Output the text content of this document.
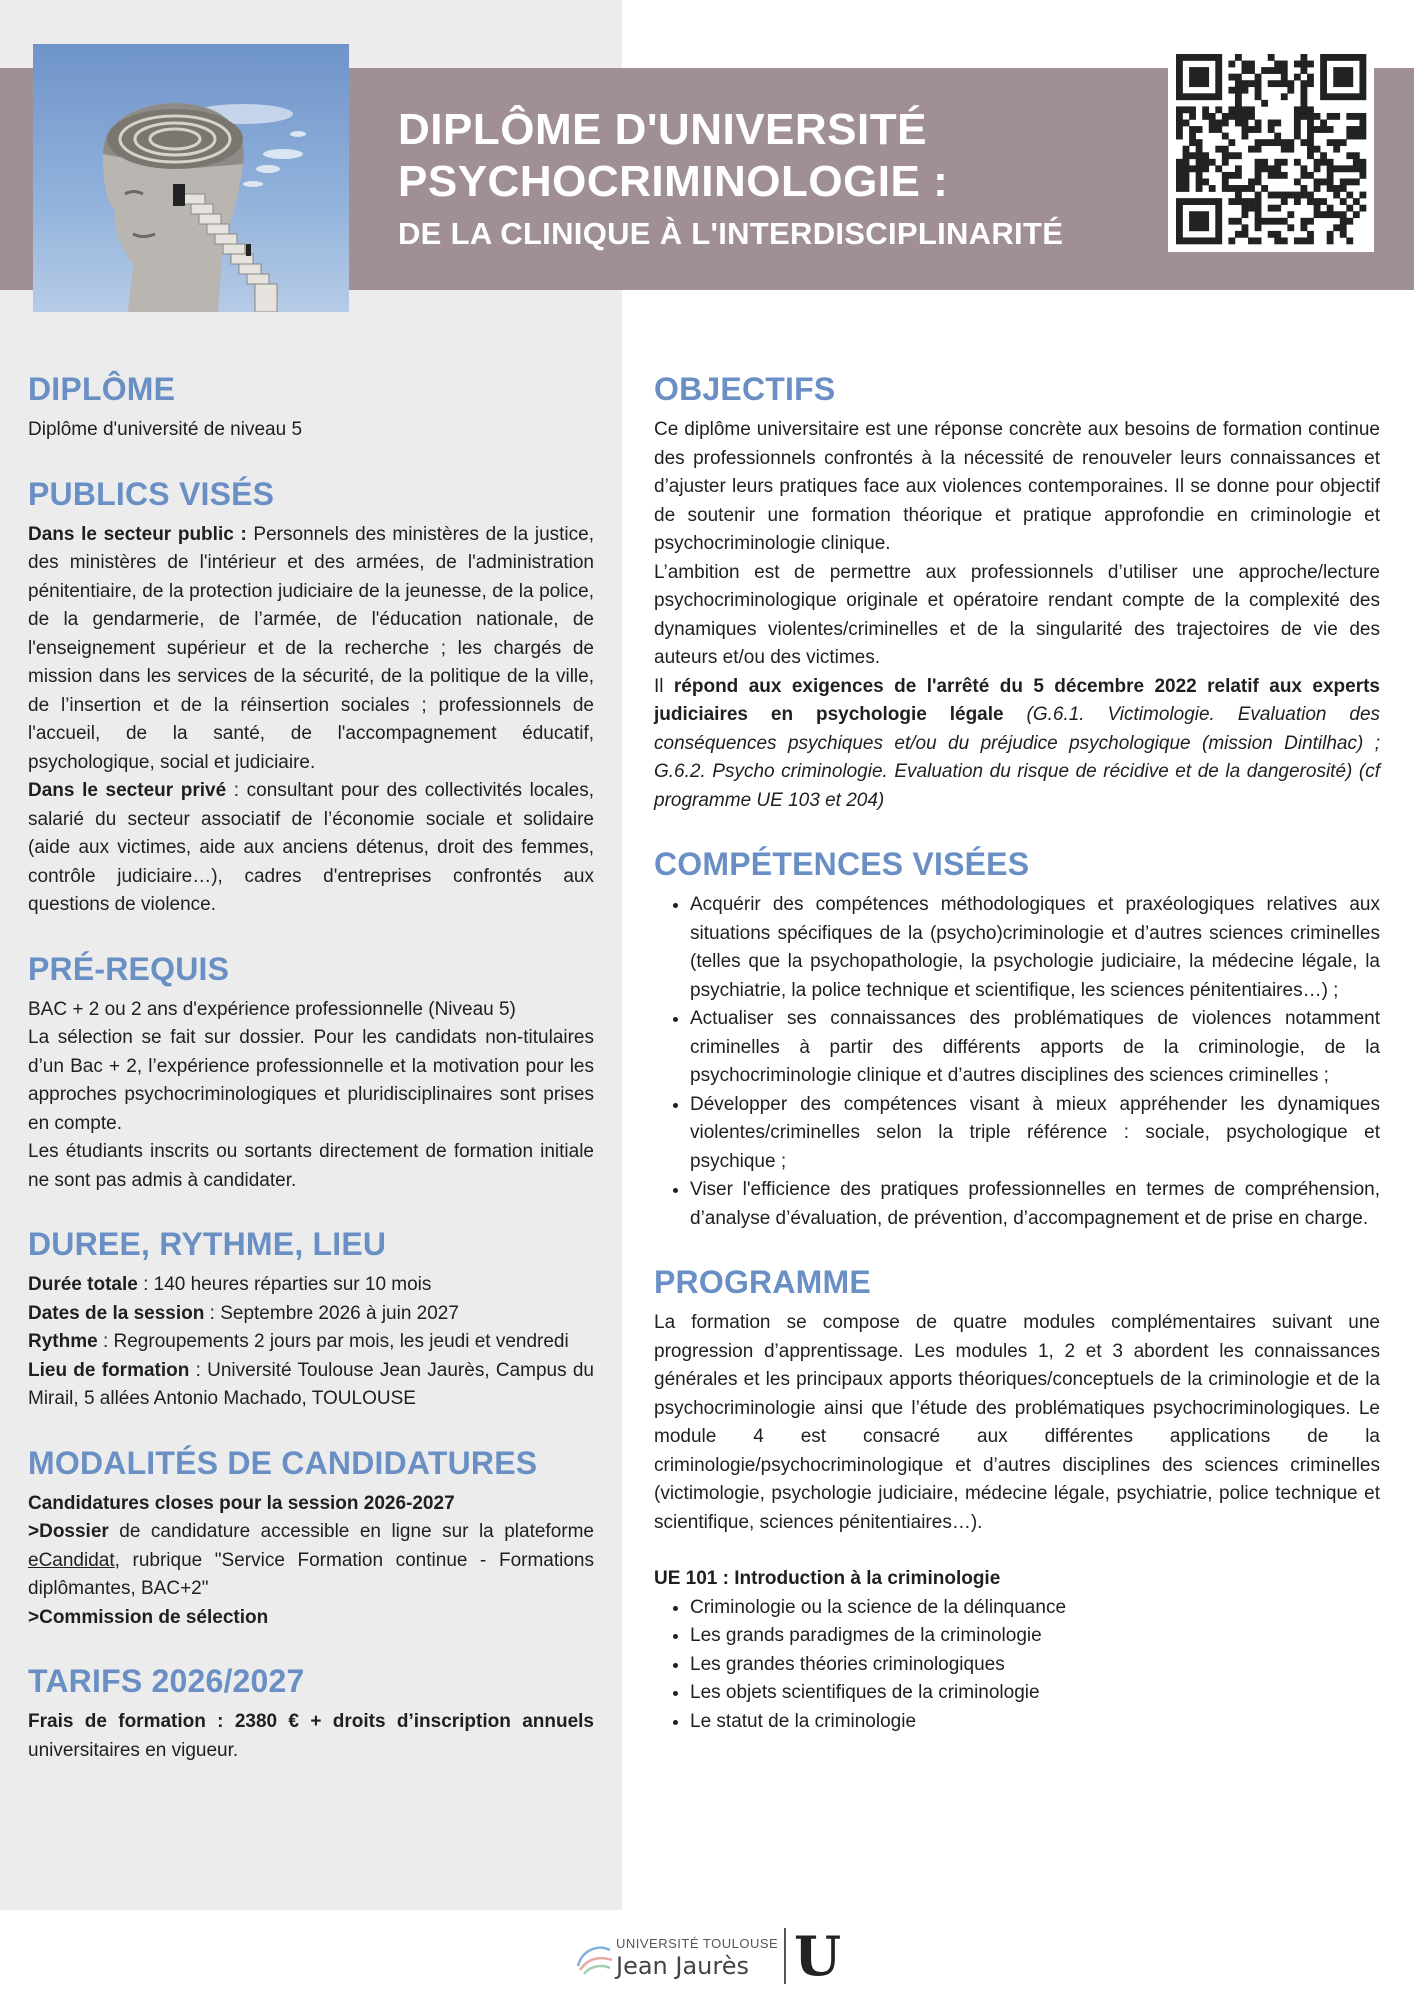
DIPLÔME D'UNIVERSITÉ
PSYCHOCRIMINOLOGIE :
DE LA CLINIQUE À L'INTERDISCIPLINARITÉ
DIPLÔME

Diplôme d'université de niveau 5

PUBLICS VISÉS

Dans le secteur public : Personnels des ministères de la justice, des ministères de l'intérieur et des armées, de l'administration pénitentiaire, de la protection judiciaire de la jeunesse, de la police, de la gendarmerie, de l’armée, de l'éducation nationale, de l'enseignement supérieur et de la recherche ; les chargés de mission dans les services de la sécurité, de la politique de la ville, de l’insertion et de la réinsertion sociales ; professionnels de l'accueil, de la santé, de l'accompagnement éducatif, psychologique, social et judiciaire.

Dans le secteur privé : consultant pour des collectivités locales, salarié du secteur associatif de l’économie sociale et solidaire (aide aux victimes, aide aux anciens détenus, droit des femmes, contrôle judiciaire…), cadres d'entreprises confrontés aux questions de violence.

PRÉ-REQUIS

BAC + 2 ou 2 ans d'expérience professionnelle (Niveau 5)

La sélection se fait sur dossier. Pour les candidats non-titulaires d’un Bac + 2, l’expérience professionnelle et la motivation pour les approches psychocriminologiques et pluridisciplinaires sont prises en compte.

Les étudiants inscrits ou sortants directement de formation initiale ne sont pas admis à candidater.

DUREE, RYTHME, LIEU

Durée totale : 140 heures réparties sur 10 mois

Dates de la session : Septembre 2026 à juin 2027

Rythme : Regroupements 2 jours par mois, les jeudi et vendredi

Lieu de formation : Université Toulouse Jean Jaurès, Campus du Mirail, 5 allées Antonio Machado, TOULOUSE

MODALITÉS DE CANDIDATURES

Candidatures closes pour la session 2026-2027

>Dossier de candidature accessible en ligne sur la plateforme eCandidat, rubrique "Service Formation continue - Formations diplômantes, BAC+2"

>Commission de sélection

TARIFS 2026/2027

Frais de formation : 2380 € + droits d’inscription annuels universitaires en vigueur.

OBJECTIFS

Ce diplôme universitaire est une réponse concrète aux besoins de formation continue des professionnels confrontés à la nécessité de renouveler leurs connaissances et d’ajuster leurs pratiques face aux violences contemporaines. Il se donne pour objectif de soutenir une formation théorique et pratique approfondie en criminologie et psychocriminologie clinique.

L’ambition est de permettre aux professionnels d’utiliser une approche/lecture psychocriminologique originale et opératoire rendant compte de la complexité des dynamiques violentes/criminelles et de la singularité des trajectoires de vie des auteurs et/ou des victimes.

Il répond aux exigences de l'arrêté du 5 décembre 2022 relatif aux experts judiciaires en psychologie légale (G.6.1. Victimologie. Evaluation des conséquences psychiques et/ou du préjudice psychologique (mission Dintilhac) ; G.6.2. Psycho criminologie. Evaluation du risque de récidive et de la dangerosité) (cf programme UE 103 et 204)

COMPÉTENCES VISÉES
• Acquérir des compétences méthodologiques et praxéologiques relatives aux situations spécifiques de la (psycho)criminologie et d’autres sciences criminelles (telles que la psychopathologie, la psychologie judiciaire, la médecine légale, la psychiatrie, la police technique et scientifique, les sciences pénitentiaires…) ;
• Actualiser ses connaissances des problématiques de violences notamment criminelles à partir des différents apports de la criminologie, de la psychocriminologie clinique et d’autres disciplines des sciences criminelles ;
• Développer des compétences visant à mieux appréhender les dynamiques violentes/criminelles selon la triple référence : sociale, psychologique et psychique ;
• Viser l'efficience des pratiques professionnelles en termes de compréhension, d’analyse d’évaluation, de prévention, d’accompagnement et de prise en charge.
PROGRAMME

La formation se compose de quatre modules complémentaires suivant une progression d’apprentissage. Les modules 1, 2 et 3 abordent les connaissances générales et les principaux apports théoriques/conceptuels de la criminologie et de la psychocriminologie ainsi que l’étude des problématiques psychocriminologiques. Le module 4 est consacré aux différentes applications de la criminologie/psychocriminologique et d’autres disciplines des sciences criminelles (victimologie, psychologie judiciaire, médecine légale, psychiatrie, police technique et scientifique, sciences pénitentiaires…).

UE 101 : Introduction à la criminologie

• Criminologie ou la science de la délinquance
• Les grands paradigmes de la criminologie
• Les grandes théories criminologiques
• Les objets scientifiques de la criminologie
• Le statut de la criminologie
UNIVERSITÉ TOULOUSE
Jean Jaurès U
